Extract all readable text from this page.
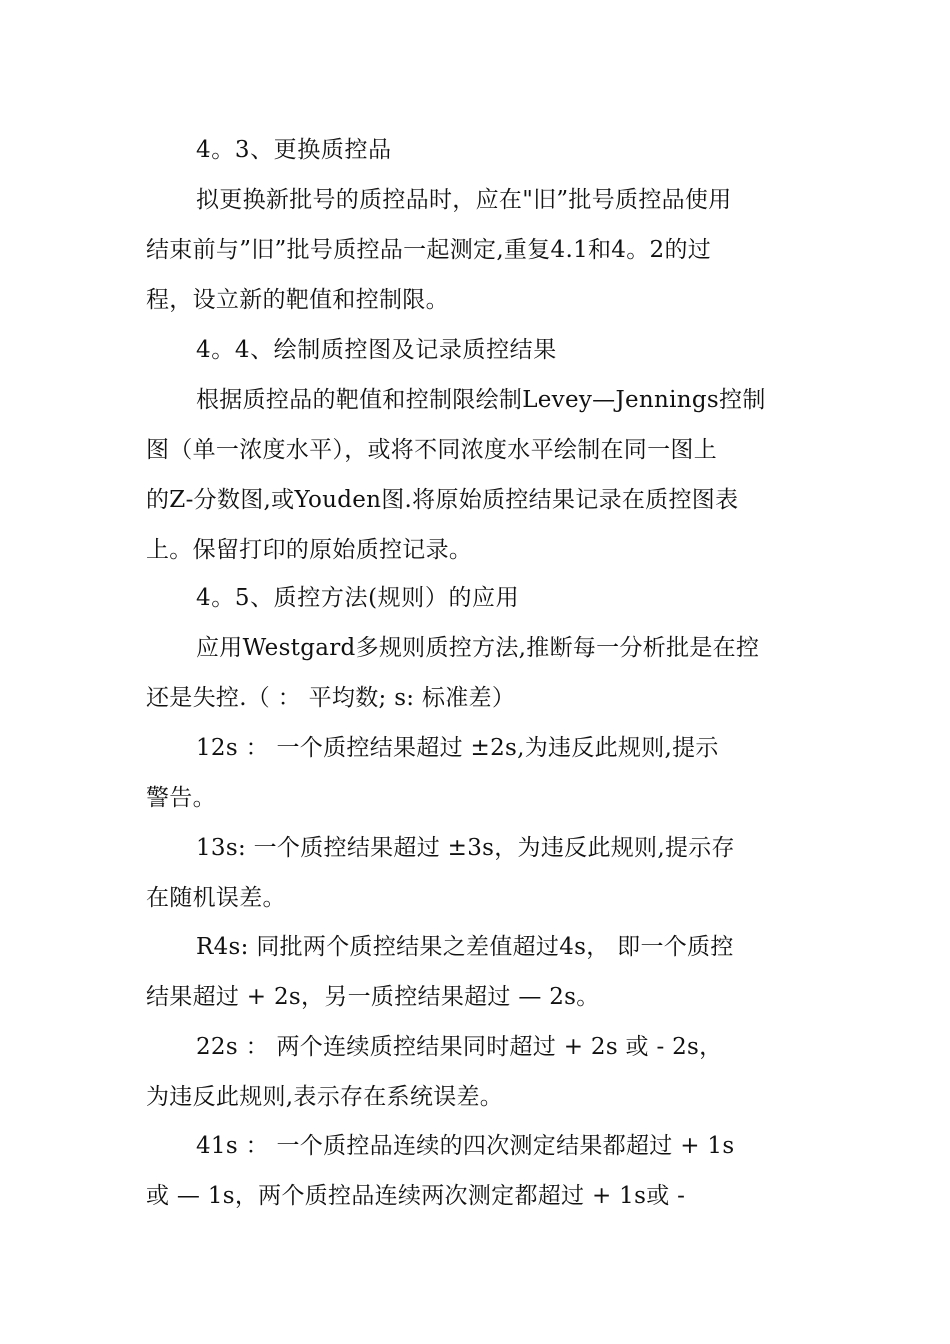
4。3、更换质控品
拟更换新批号的质控品时，应在"旧”批号质控品使用
结束前与”旧”批号质控品一起测定,重复4.1和4。2的过
程，设立新的靶值和控制限。
4。4、绘制质控图及记录质控结果
根据质控品的靶值和控制限绘制Levey—Jennings控制
图（单一浓度水平），或将不同浓度水平绘制在同一图上
的Z-分数图,或Youden图.将原始质控结果记录在质控图表
上。保留打印的原始质控记录。
4。5、质控方法(规则）的应用
应用Westgard多规则质控方法,推断每一分析批是在控
还是失控.（ ： 平均数; s: 标准差）
12s ： 一个质控结果超过 ±2s,为违反此规则,提示
警告。
13s: 一个质控结果超过 ±3s，为违反此规则,提示存
在随机误差。
R4s: 同批两个质控结果之差值超过4s， 即一个质控
结果超过 + 2s，另一质控结果超过 — 2s。
22s ： 两个连续质控结果同时超过 + 2s 或 - 2s，
为违反此规则,表示存在系统误差。
41s ： 一个质控品连续的四次测定结果都超过 + 1s
或 — 1s，两个质控品连续两次测定都超过 + 1s或 -
